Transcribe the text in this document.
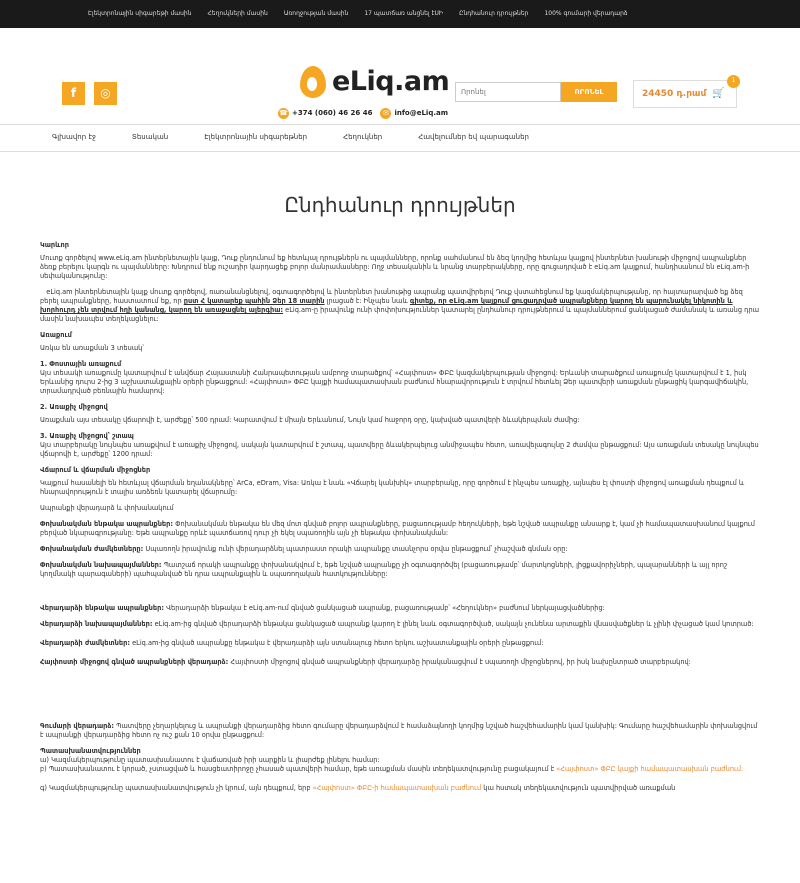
Էլեկտրոնային սիգարեթի մասին	Հեղուկների մասին	Առողջության մասին	17 պատճառ անցնել էՍԻ	Ընդհանուր դրույթներ	100% գումարի վերադարձ
f	◎	eLiq.am
☎ +374 (060) 46 26 46	✉ info@eLiq.am
Որոնել
ՈՐՈՆԵԼ	24450 դ.րամ 🛒
1
Գլխավոր էջ	Տեսական	Էլեկտրոնային սիգարեթներ	Հեղուկներ	Հավելումներ եվ պարագաներ
Ընդհանուր դրույթներ

Կարևոր

Մուտք գործելով www.eLiq.am ինտերնետային կայք, Դուք ընդունում եք հետևյալ դրույթներն ու պայմանները, որոնք սահմանում են ձեզ կողմից հետևյա կայքով ինտերնետ խանութի միջոցով ապրանքներ ձեռք բերելու կարգն ու պայմանները: Խնդրում ենք ուշադիր կարդացեք բոլոր մանրամասները: Ողջ տեսականին և նրանց տարբերակները, որը գուցադրված է eLiq.am կայքում, հանդիսանում են eLiq.am-ի սեփականությունը:

eLiq.am ինտերնետային կայք մուտք գործելով, ռառանանցնելով, օգտագործելով և ինտերնետ խանութից ապրանք պատվիրելով Դուք վստահեցնում եք կազմակերպությանը, որ հայտարարված եք ձեզ բերել ապրանքները, հաստատում եք, որ ըստ Հ կատարեք պահին Ձեր 18 տարին լրացած է: Ինչպես նաև գիտեք, որ eLiq.am կայքում ցուցադրված ապրանքները կարող են պարունակել նիկոտին և խորհուրդ չեն տրվում հղի կանանց, կարող են առաջացնել ալերգիա: eLiq.am-ը իրավունք ունի փոփոխություններ կատարել ընդհանուր դրույթներում և պայմաններում ցանկացած ժամանակ և առանց դրա մասին նախապես տեղեկացնելու:

Առաքում

Առկա են առաքման 3 տեսակ՝

1. Փոստային առաքում

Այս տեսակի առաքումը կատարվում է անվճար Հայաստանի Հանրապետության ամբողջ տարածքով՝ «Հայփոստ» ՓԲԸ կազմակերպության միջոցով: Երևանի տարածքում առաքումը կատարվում է 1, իսկ Երևանից դուրս 2-ից 3 աշխատանքային օրերի ընթացքում: «Հայփոստ» ՓԲԸ կայքի համապատասխան բաժնում հնարավորություն է տրվում հետևել Ձեր պատվերի առաքման ընթացիկ կարգավիճակին, տրամադրված բեռնային համարով:

2. Առաքիչ միջոցով

Առաքման այս տեսակը վճարովի է, արժեքը՝ 500 դրամ: Կարատվում է միայն Երևանում, Նույն կամ հաջորդ օրը, կախված պատվերի ձևակերպման ժամից:

3. Առաքիչ միջոցով՝ շտապ

Այս տարբերակը նույնպես առաքվում է առաքիչ միջոցով, սակայն կատարվում է շտապ, պատվերը ձևակերպելուց անմիջապես հետո, առավելագույնը 2 ժամվա ընթացքում: Այս առաքման տեսակը նույնպես վճարովի է, արժեքը՝ 1200 դրամ:

Վճարում և վճարման միջոցներ

Կայքում հասանելի են հետևյալ վճարման եղանակները՝ ArCa, eDram, Visa: Առկա է նաև «Վճարել կանխիկ» տարբերակը, որը գործում է ինչպես առաքիչ, այնպես էլ փոստի միջոցով առաքման դեպքում և հնարավորություն է տալիս առձեռն կատարել վճարումը:

Ապրանքի վերադարձ և փոխանակում

Փոխանակման ենթակա ապրանքներ: Փոխանակման ենթակա են մեզ մոտ գնված բոլոր ապրանքները, բացառությամբ հեղուկների, եթե նշված ապրանքը անսարք է, կամ չի համապատասխանում կայքում բերված նկարագրությանը: Եթե ապրանքը որևէ պատճառով դուր չի եկել սպառողին այն չի ենթակա փոխանակման:

Փոխանակման ժամկետները: Սպառողն իրավունք ունի վերադարձնել պատրաստ որակի ապրանքը տասնչորս օրվա ընթացքում՝ չհաշված գնման օրը:

Փոխանակման նախապայմաններ: Պատշաճ որակի ապրանքը փոխանակվում է, եթե նշված ապրանքը չի օգտագործվել (բացառությամբ՝ մարտկոցների, լիցքավորիչների, պալարանների և այլ որոշ կողմնակի պարագաների) պահպանված են դրա ապրանքային և սպառողական հատկությունները:

Վերադարձի ենթակա ապրանքներ: Վերադարձի ենթակա է eLiq.am-ում գնված ցանկացած ապրանք, բացառությամբ՝ «Հեղուկներ» բաժնում ներկայացվածներից:

Վերադարձի նախապայմաններ: eLiq.am-ից գնված վերադարձի ենթակա ցանկացած ապրանք կարող է լինել նաև օգտագործված, սակայն չունենա արտաքին վնասվածքներ և չլինի փչացած կամ կոտրած:

Վերադարձի ժամկետներ: eLiq.am-ից գնված ապրանքը ենթակա է վերադարձի այն ստանալուց հետո երկու աշխատանքային օրերի ընթացքում:

Հայփոստի միջոցով գնված ապրանքների վերադարձ: Հայփոստի միջոցով գնված ապրանքների վերադարձը իրականացվում է սպառողի միջոցներով, իր իսկ նախընտրած տարբերակով:

Գումարի վերադարձ: Պատվերը չեղարկելուց և ապրանքի վերադարձից հետո գումարը վերադարձվում է համաձայնողի կողմից նշված հաշվեհամարին կամ կանխիկ: Գումարը հաշվեհամարին փոխանցվում է ապրանքի վերադարձից հետո ոչ ուշ քան 10 օրվա ընթացքում:

Պատասխանատվություններ

ա) Կազմակերպությունը պատասխանատու է վաճառված իրի սարքին և լիարժեք լինելու համար:

բ) Պատասխանատու է կորած, չստացված և հասցեատիրոջը չհասած պատվերի համար, եթե առաքման մասին տեղեկատվությունը բացակայում է «Հայփոստ» ՓԲԸ կայքի համապատասխան բաժնում:

գ) Կազմակերպությունը պատասխանատվություն չի կրում, այն դեպքում, երբ «Հայփոստ» ՓԲԸ-ի համապատասխան բաժնում կա հստակ տեղեկատվություն պատվիրված առաքման
